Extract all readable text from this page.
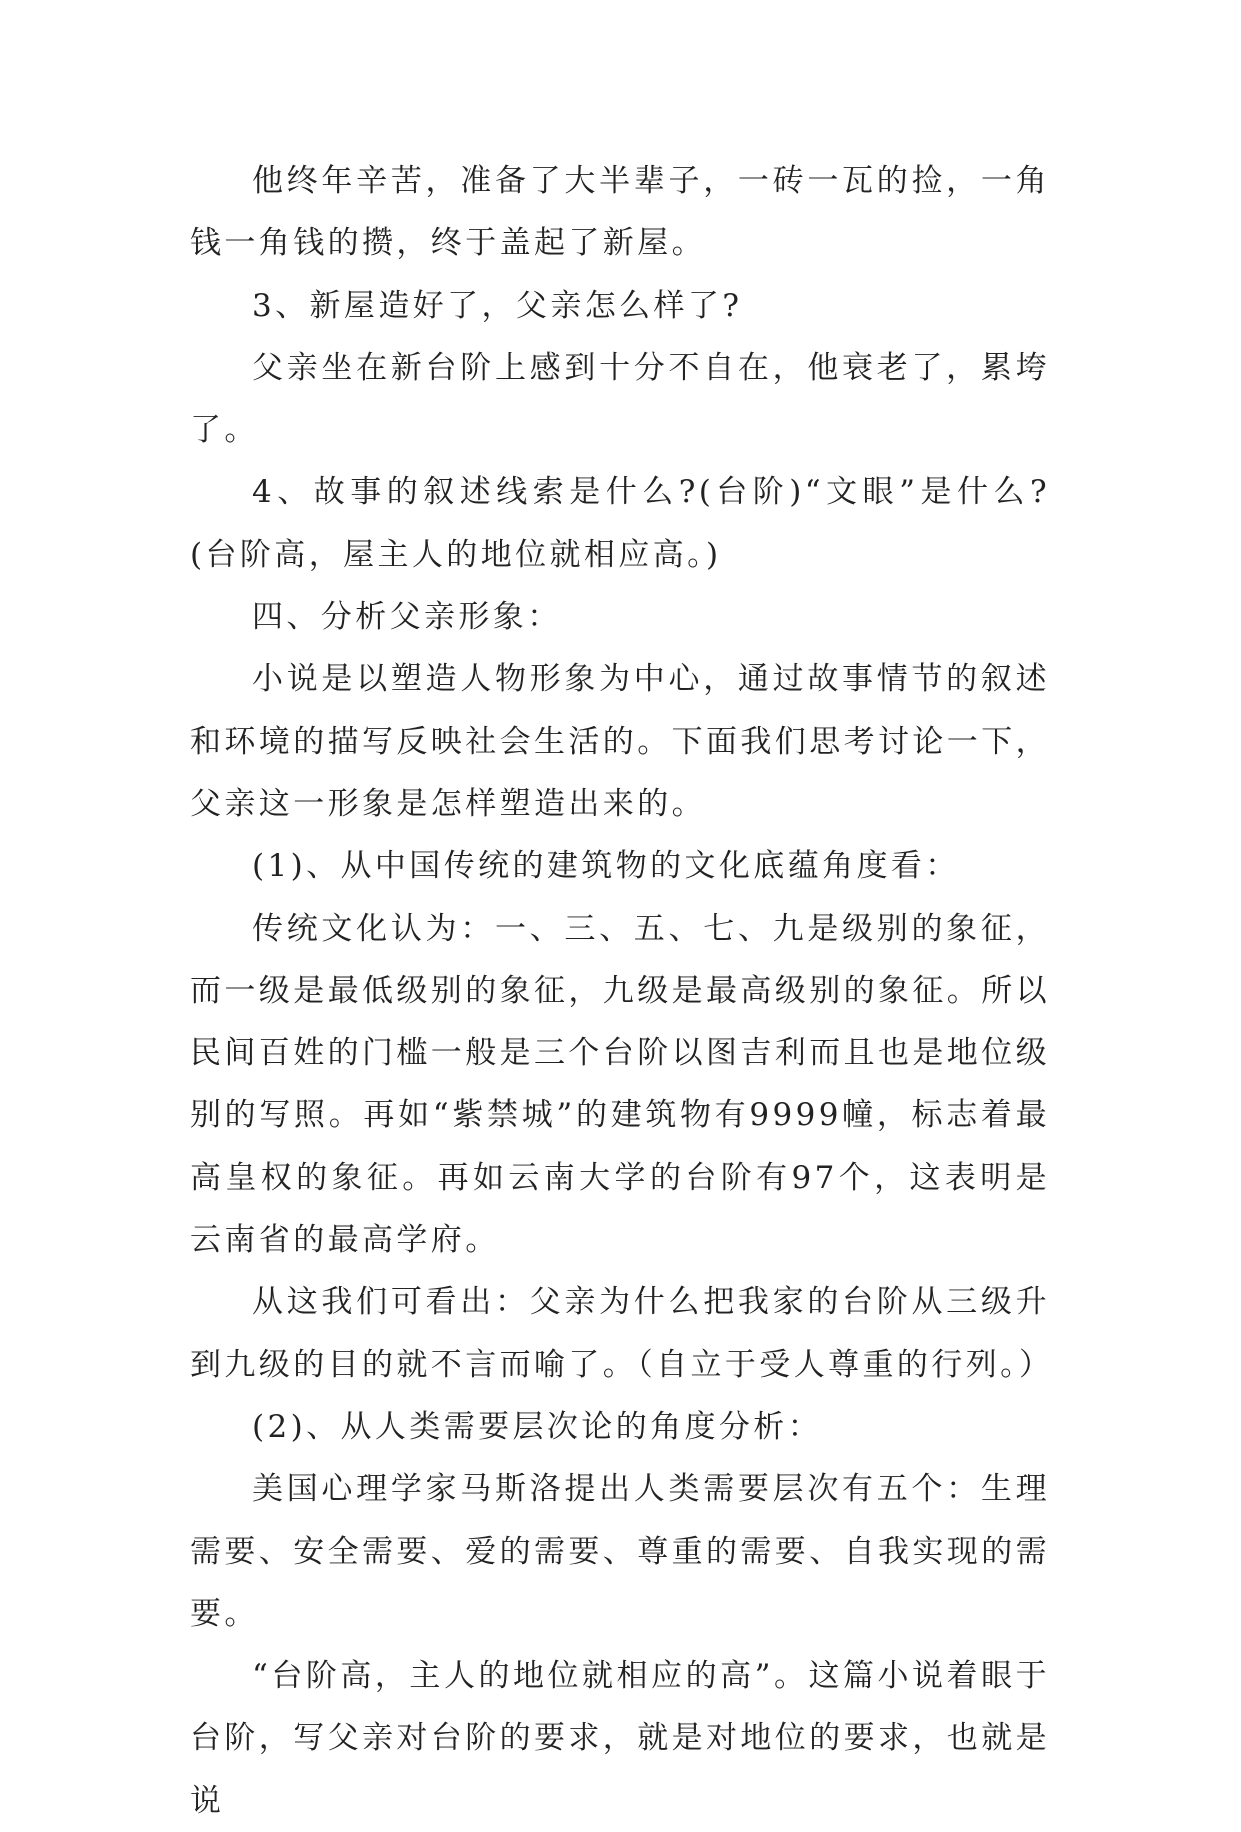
他终年辛苦，准备了大半辈子，一砖一瓦的捡，一角钱一角钱的攒，终于盖起了新屋。

3、新屋造好了，父亲怎么样了?

父亲坐在新台阶上感到十分不自在，他衰老了，累垮了。

4、故事的叙述线索是什么?(台阶)“文眼”是什么?(台阶高，屋主人的地位就相应高。)

四、分析父亲形象：

小说是以塑造人物形象为中心，通过故事情节的叙述和环境的描写反映社会生活的。下面我们思考讨论一下，父亲这一形象是怎样塑造出来的。

(1)、从中国传统的建筑物的文化底蕴角度看：

传统文化认为：一、三、五、七、九是级别的象征，而一级是最低级别的象征，九级是最高级别的象征。所以民间百姓的门槛一般是三个台阶以图吉利而且也是地位级别的写照。再如“紫禁城”的建筑物有9999幢，标志着最高皇权的象征。再如云南大学的台阶有97个，这表明是云南省的最高学府。

从这我们可看出：父亲为什么把我家的台阶从三级升到九级的目的就不言而喻了。（自立于受人尊重的行列。）

(2)、从人类需要层次论的角度分析：

美国心理学家马斯洛提出人类需要层次有五个：生理需要、安全需要、爱的需要、尊重的需要、自我实现的需要。

“台阶高，主人的地位就相应的高”。这篇小说着眼于台阶，写父亲对台阶的要求，就是对地位的要求，也就是说
